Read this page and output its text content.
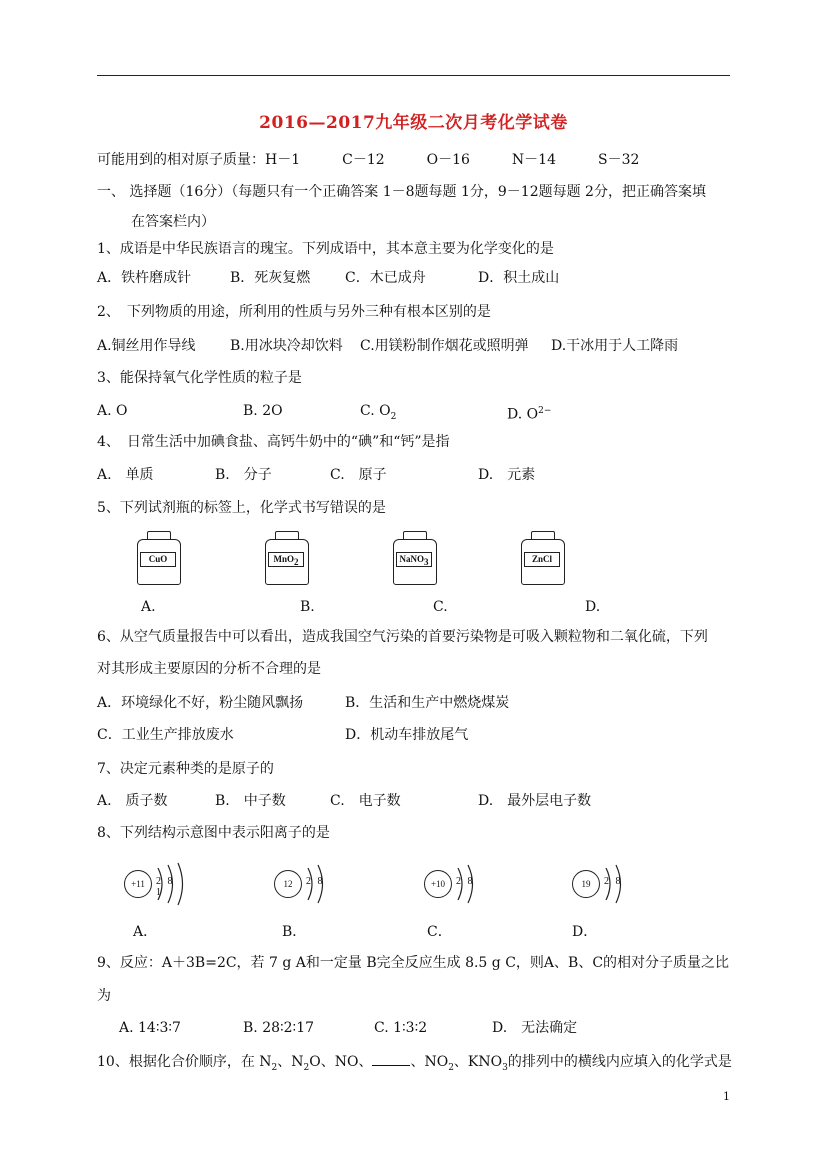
2016—2017九年级二次月考化学试卷
可能用到的相对原子质量：H－1　　　C－12　　　O－16　　　N－14　　　S－32
一、 选择题（16分）（每题只有一个正确答案 1－8题每题 1分，9－12题每题 2分，把正确答案填
在答案栏内）
1、成语是中华民族语言的瑰宝。下列成语中，其本意主要为化学变化的是
A．铁杵磨成针	B．死灰复燃 C．木已成舟	D．积土成山
2、　下列物质的用途，所利用的性质与另外三种有根本区别的是
A.铜丝用作导线 B.用冰块冷却饮料 C.用镁粉制作烟花或照明弹 D.干冰用于人工降雨
3、能保持氧气化学性质的粒子是
A. O	B. 2O	C. $O_2$	D. $O^{2-}$
4、　日常生活中加碘食盐、高钙牛奶中的“碘”和“钙”是指
A.　单质	B.　分子	C.　原子	D.　元素
5、下列试剂瓶的标签上，化学式书写错误的是
CuO	MnO$_2$	NaNO$_3$	ZnCl
A.	B.	C.	D.
6、从空气质量报告中可以看出，造成我国空气污染的首要污染物是可吸入颗粒物和二氧化硫，下列
对其形成主要原因的分析不合理的是
A．环境绿化不好，粉尘随风飘扬	B．生活和生产中燃烧煤炭
C．工业生产排放废水	D．机动车排放尾气
7、决定元素种类的是原子的
A.　质子数	B.　中子数	C.　电子数	D.　最外层电子数
8、下列结构示意图中表示阳离子的是
+11	2 8 1
12	2 8	+10	2 8	19	2 8
A．	B．	C．	D．
9、反应：A＋3B=2C，若 7 g A和一定量 B完全反应生成 8.5 g C，则A、B、C的相对分子质量之比
为
A. 14∶3∶7	B. 28∶2∶17	C. 1∶3∶2	D.　无法确定
10、根据化合价顺序，在 $N_2$、$N_2O$、NO、	、$NO_2$、$KNO_3$的排列中的横线内应填入的化学式是
1
